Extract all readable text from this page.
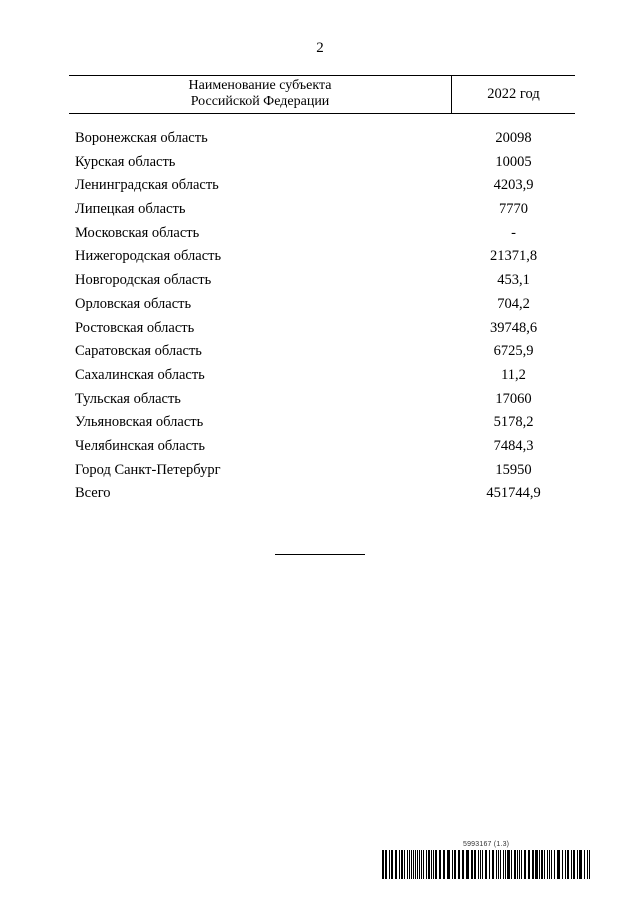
2
Наименование субъекта
Российской Федерации	2022 год
Воронежская область	20098
Курская область	10005
Ленинградская область	4203,9
Липецкая область	7770
Московская область	-
Нижегородская область	21371,8
Новгородская область	453,1
Орловская область	704,2
Ростовская область	39748,6
Саратовская область	6725,9
Сахалинская область	11,2
Тульская область	17060
Ульяновская область	5178,2
Челябинская область	7484,3
Город Санкт-Петербург	15950
Всего	451744,9
5993167 (1.3)
